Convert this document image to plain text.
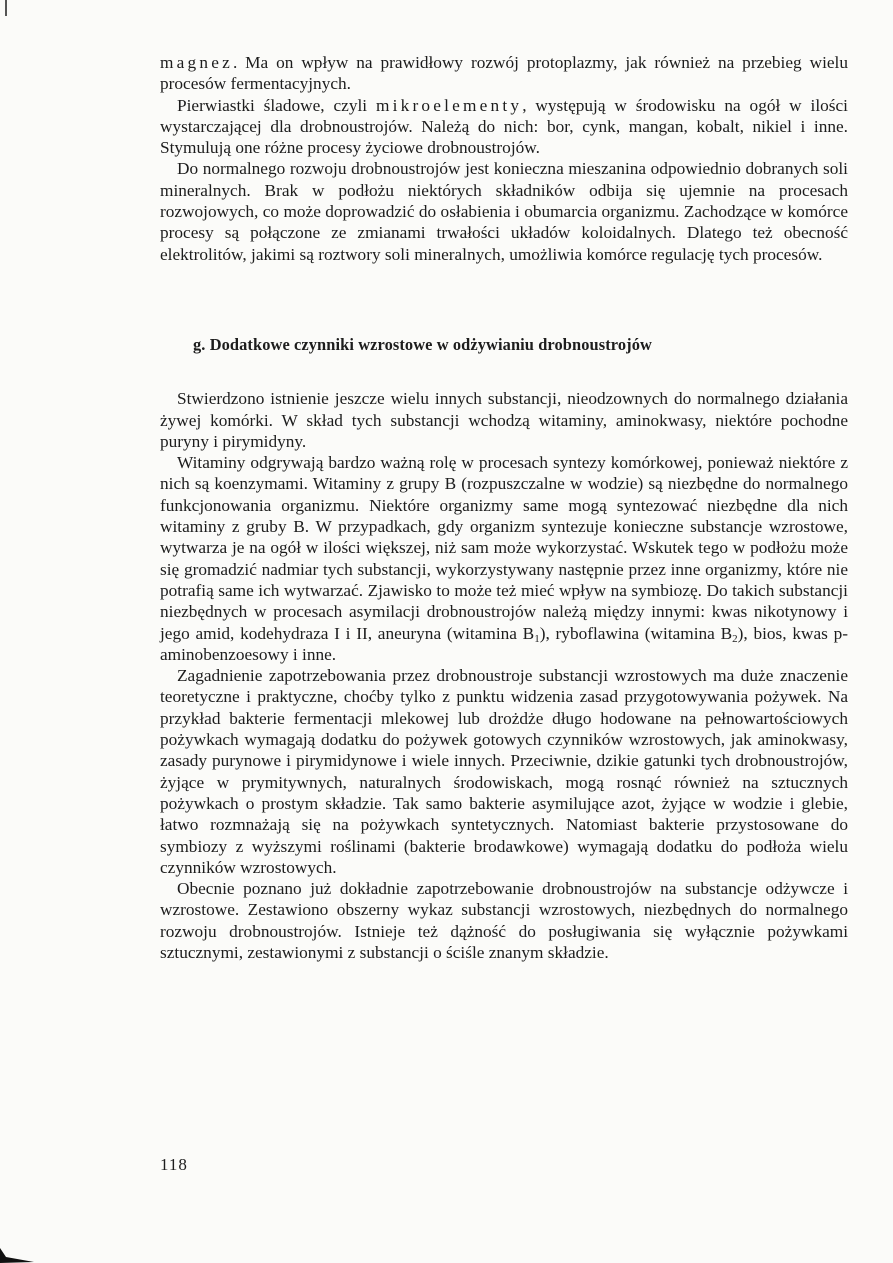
magnez. Ma on wpływ na prawidłowy rozwój protoplazmy, jak również na przebieg wielu procesów fermentacyjnych.

Pierwiastki śladowe, czyli mikroelementy, występują w środowisku na ogół w ilości wystarczającej dla drobnoustrojów. Należą do nich: bor, cynk, mangan, kobalt, nikiel i inne. Stymulują one różne procesy życiowe drobnoustrojów.

Do normalnego rozwoju drobnoustrojów jest konieczna mieszanina odpowiednio dobranych soli mineralnych. Brak w podłożu niektórych składników odbija się ujemnie na procesach rozwojowych, co może doprowadzić do osłabienia i obumarcia organizmu. Zachodzące w komórce procesy są połączone ze zmianami trwałości układów koloidalnych. Dlatego też obecność elektrolitów, jakimi są roztwory soli mineralnych, umożliwia komórce regulację tych procesów.

g. Dodatkowe czynniki wzrostowe w odżywianiu drobnoustrojów

Stwierdzono istnienie jeszcze wielu innych substancji, nieodzownych do normalnego działania żywej komórki. W skład tych substancji wchodzą witaminy, aminokwasy, niektóre pochodne puryny i pirymidyny.

Witaminy odgrywają bardzo ważną rolę w procesach syntezy komórkowej, ponieważ niektóre z nich są koenzymami. Witaminy z grupy B (rozpuszczalne w wodzie) są niezbędne do normalnego funkcjonowania organizmu. Niektóre organizmy same mogą syntezować niezbędne dla nich witaminy z gruby B. W przypadkach, gdy organizm syntezuje konieczne substancje wzrostowe, wytwarza je na ogół w ilości większej, niż sam może wykorzystać. Wskutek tego w podłożu może się gromadzić nadmiar tych substancji, wykorzystywany następnie przez inne organizmy, które nie potrafią same ich wytwarzać. Zjawisko to może też mieć wpływ na symbiozę. Do takich substancji niezbędnych w procesach asymilacji drobnoustrojów należą między innymi: kwas nikotynowy i jego amid, kodehydraza I i II, aneuryna (witamina $B_1$), ryboflawina (witamina $B_2$), bios, kwas p-aminobenzoesowy i inne.

Zagadnienie zapotrzebowania przez drobnoustroje substancji wzrostowych ma duże znaczenie teoretyczne i praktyczne, choćby tylko z punktu widzenia zasad przygotowywania pożywek. Na przykład bakterie fermentacji mlekowej lub drożdże długo hodowane na pełnowartościowych pożywkach wymagają dodatku do pożywek gotowych czynników wzrostowych, jak aminokwasy, zasady purynowe i pirymidynowe i wiele innych. Przeciwnie, dzikie gatunki tych drobnoustrojów, żyjące w prymitywnych, naturalnych środowiskach, mogą rosnąć również na sztucznych pożywkach o prostym składzie. Tak samo bakterie asymilujące azot, żyjące w wodzie i glebie, łatwo rozmnażają się na pożywkach syntetycznych. Natomiast bakterie przystosowane do symbiozy z wyższymi roślinami (bakterie brodawkowe) wymagają dodatku do podłoża wielu czynników wzrostowych.

Obecnie poznano już dokładnie zapotrzebowanie drobnoustrojów na substancje odżywcze i wzrostowe. Zestawiono obszerny wykaz substancji wzrostowych, niezbędnych do normalnego rozwoju drobnoustrojów. Istnieje też dążność do posługiwania się wyłącznie pożywkami sztucznymi, zestawionymi z substancji o ściśle znanym składzie.

118
